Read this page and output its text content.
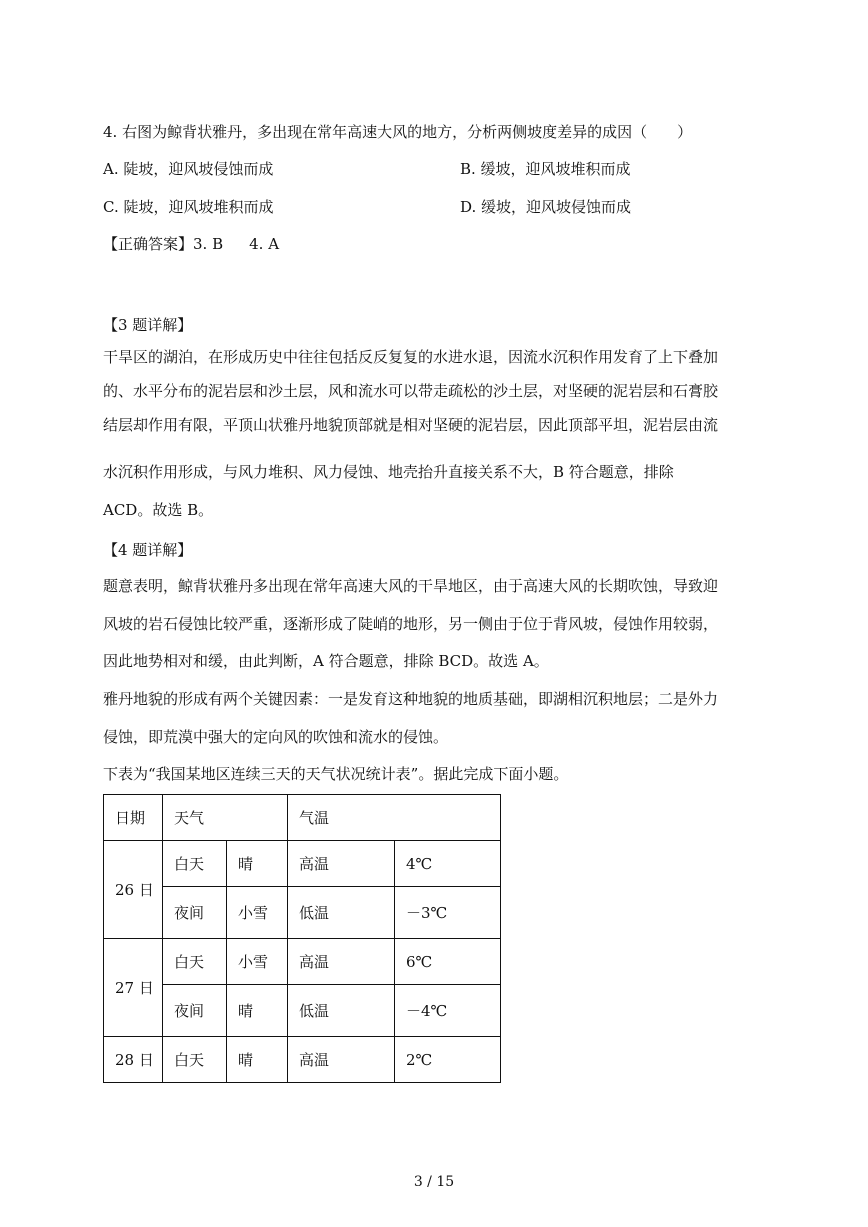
4. 右图为鲸背状雅丹，多出现在常年高速大风的地方，分析两侧坡度差异的成因（　　）
A. 陡坡，迎风坡侵蚀而成	B. 缓坡，迎风坡堆积而成
C. 陡坡，迎风坡堆积而成	D. 缓坡，迎风坡侵蚀而成
【正确答案】3. B 4. A
【3 题详解】
干旱区的湖泊，在形成历史中往往包括反反复复的水进水退，因流水沉积作用发育了上下叠加
的、水平分布的泥岩层和沙土层，风和流水可以带走疏松的沙土层，对坚硬的泥岩层和石膏胶
结层却作用有限，平顶山状雅丹地貌顶部就是相对坚硬的泥岩层，因此顶部平坦，泥岩层由流
水沉积作用形成，与风力堆积、风力侵蚀、地壳抬升直接关系不大，B 符合题意，排除
ACD。故选 B。
【4 题详解】
题意表明，鲸背状雅丹多出现在常年高速大风的干旱地区，由于高速大风的长期吹蚀，导致迎
风坡的岩石侵蚀比较严重，逐渐形成了陡峭的地形，另一侧由于位于背风坡，侵蚀作用较弱，
因此地势相对和缓，由此判断，A 符合题意，排除 BCD。故选 A。
雅丹地貌的形成有两个关键因素：一是发育这种地貌的地质基础，即湖相沉积地层；二是外力
侵蚀，即荒漠中强大的定向风的吹蚀和流水的侵蚀。
下表为“我国某地区连续三天的天气状况统计表”。据此完成下面小题。
日期	天气		气温	
26 日	白天	晴	高温	4℃
	夜间	小雪	低温	－3℃
27 日	白天	小雪	高温	6℃
	夜间	晴	低温	－4℃
28 日	白天	晴	高温	2℃
3 / 15
